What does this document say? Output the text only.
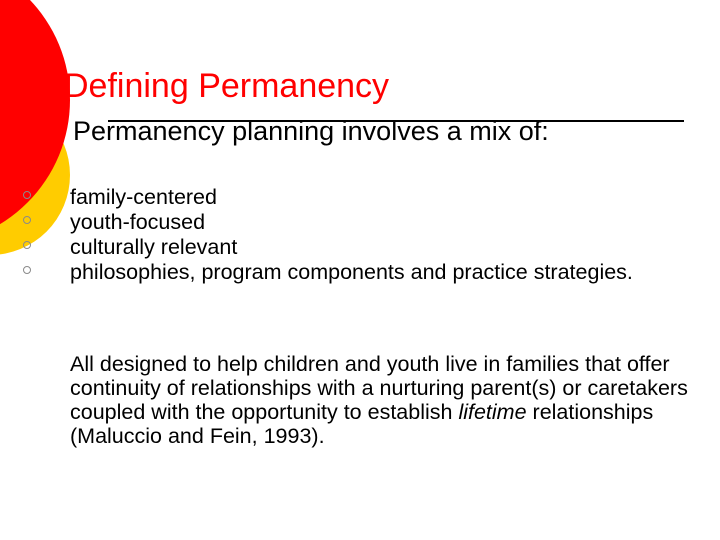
Defining Permanency
Permanency planning involves a mix of:
family-centered
youth-focused
culturally relevant
philosophies, program components and practice strategies.

All designed to help children and youth live in families that offer continuity of relationships with a nurturing parent(s) or caretakers coupled with the opportunity to establish lifetime relationships (Maluccio and Fein, 1993).
